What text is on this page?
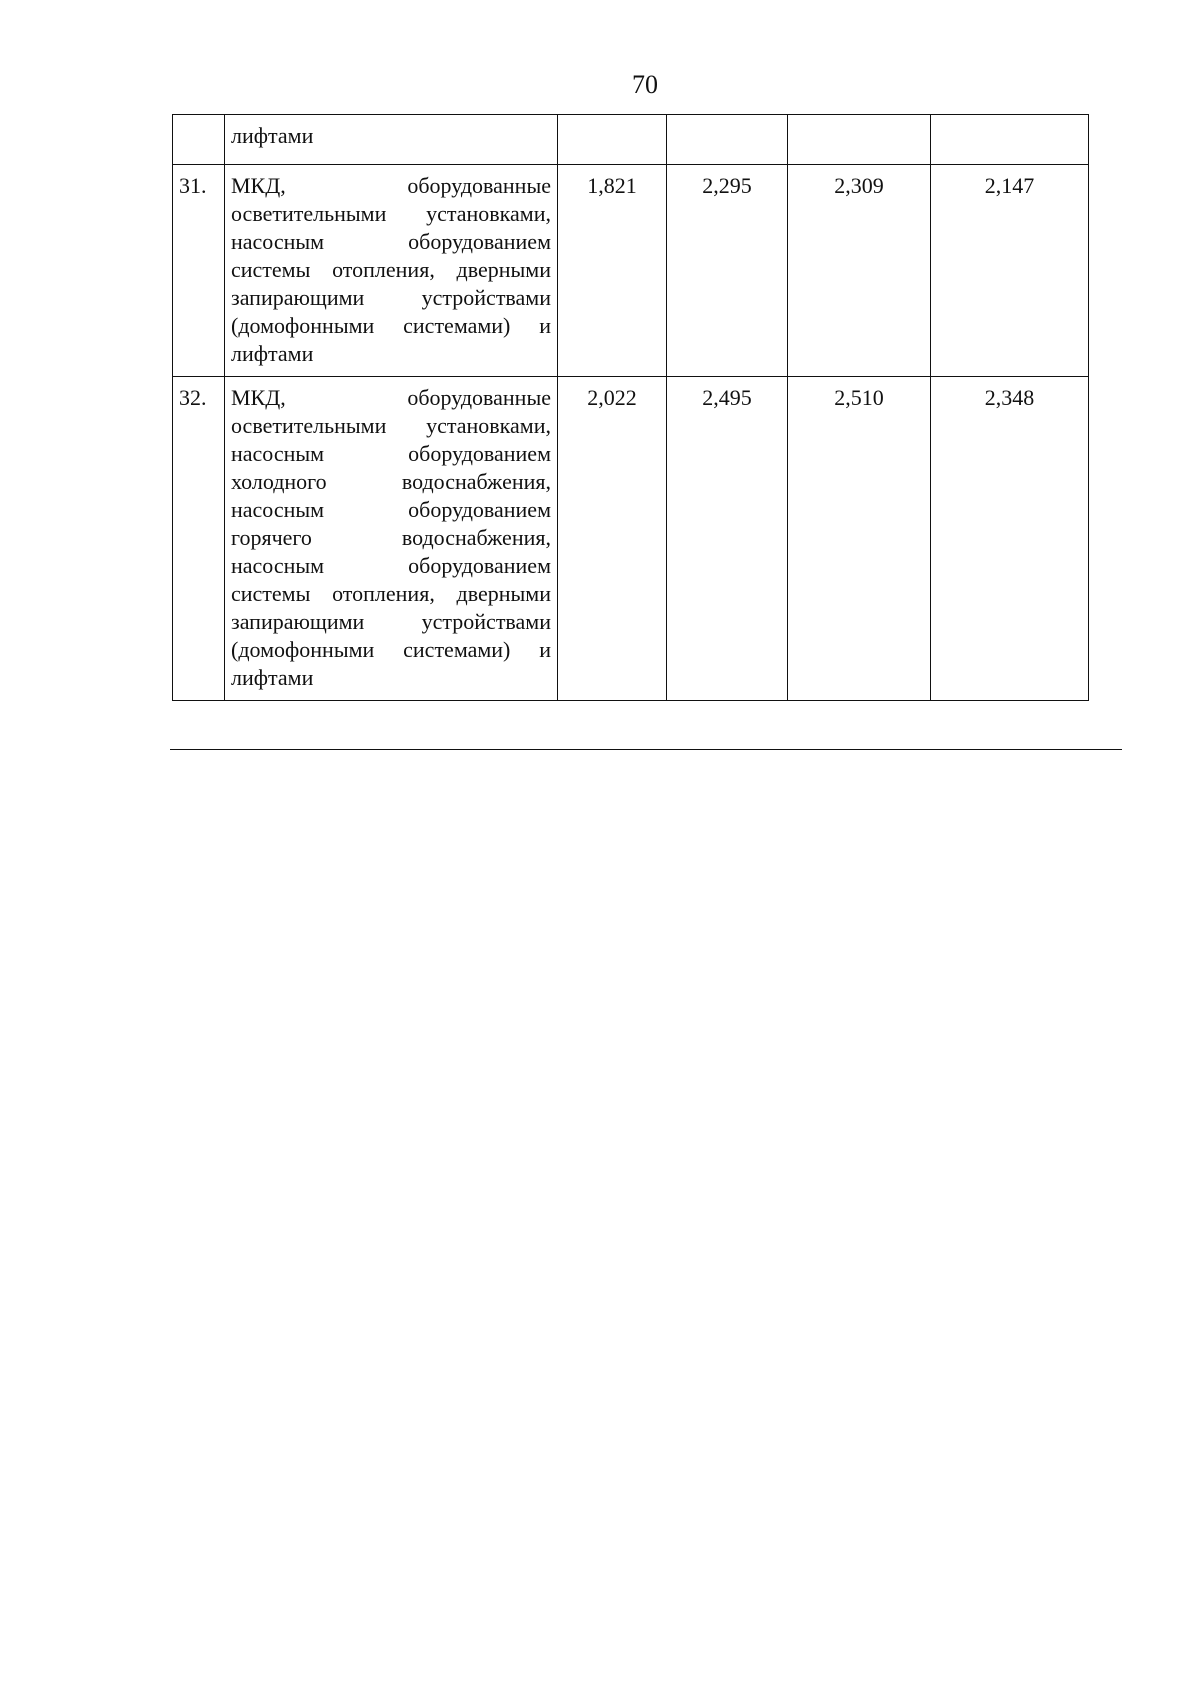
70
	лифтами				
31.	МКД, оборудованные осветительными установками, насосным оборудованием системы отопления, дверными запирающими устройствами (домофонными системами) и лифтами	1,821	2,295	2,309	2,147
32.	МКД, оборудованные осветительными установками, насосным оборудованием холодного водоснабжения, насосным оборудованием горячего водоснабжения, насосным оборудованием системы отопления, дверными запирающими устройствами (домофонными системами) и лифтами	2,022	2,495	2,510	2,348
